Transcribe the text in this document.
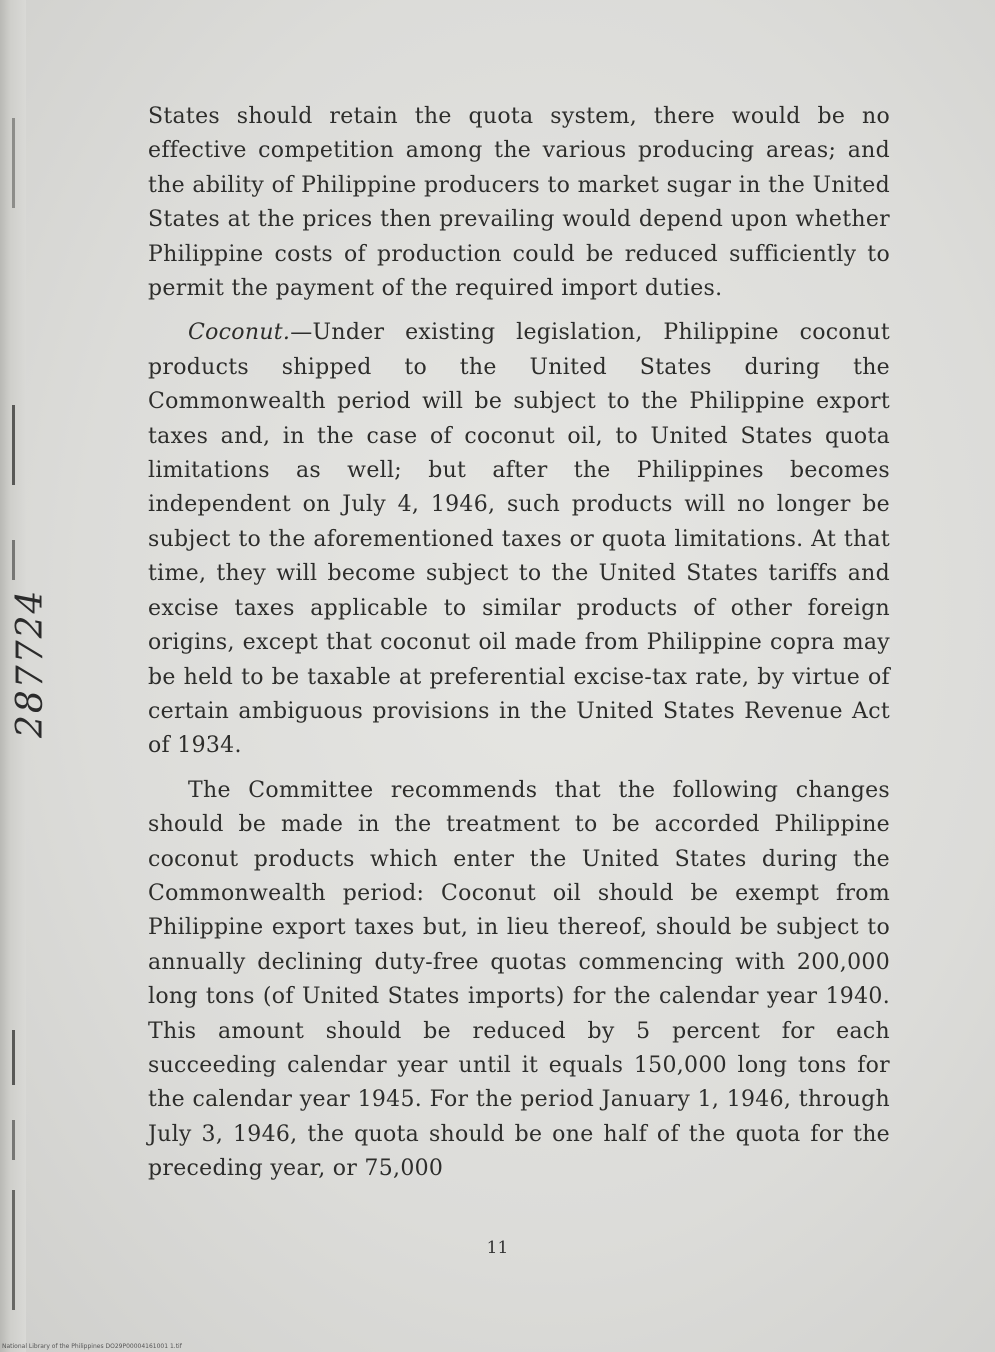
287724

States should retain the quota system, there would be no effective competition among the various producing areas; and the ability of Philippine producers to market sugar in the United States at the prices then prevailing would depend upon whether Philippine costs of production could be reduced sufficiently to permit the payment of the required import duties.

Coconut.—Under existing legislation, Philippine coconut products shipped to the United States during the Commonwealth period will be subject to the Philippine export taxes and, in the case of coconut oil, to United States quota limitations as well; but after the Philippines becomes independent on July 4, 1946, such products will no longer be subject to the aforementioned taxes or quota limitations. At that time, they will become subject to the United States tariffs and excise taxes applicable to similar products of other foreign origins, except that coconut oil made from Philippine copra may be held to be taxable at preferential excise-tax rate, by virtue of certain ambiguous provisions in the United States Revenue Act of 1934.

The Committee recommends that the following changes should be made in the treatment to be accorded Philippine coconut products which enter the United States during the Commonwealth period: Coconut oil should be exempt from Philippine export taxes but, in lieu thereof, should be subject to annually declining duty-free quotas commencing with 200,000 long tons (of United States imports) for the calendar year 1940. This amount should be reduced by 5 percent for each succeeding calendar year until it equals 150,000 long tons for the calendar year 1945. For the period January 1, 1946, through July 3, 1946, the quota should be one half of the quota for the preceding year, or 75,000

11
National Library of the Philippines DO29P00004161001 1.tif
